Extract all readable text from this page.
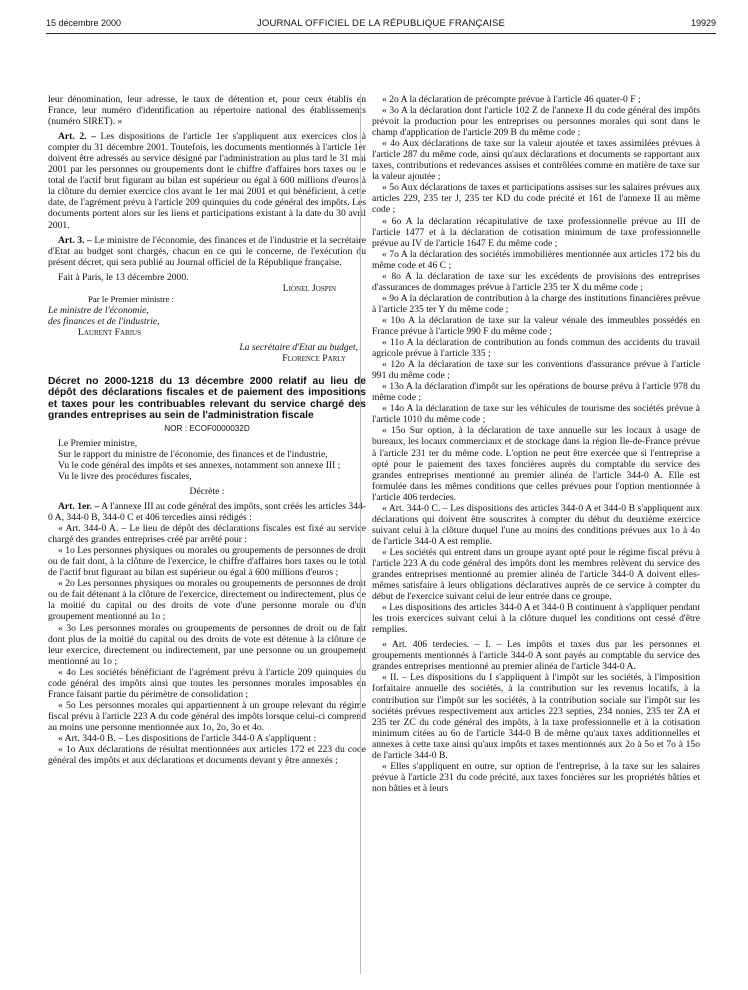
15 décembre 2000	JOURNAL OFFICIEL DE LA RÉPUBLIQUE FRANÇAISE	19929

leur dénomination, leur adresse, le taux de détention et, pour ceux établis en France, leur numéro d'identification au répertoire national des établissements (numéro SIRET). »

Art. 2. – Les dispositions de l'article 1er s'appliquent aux exercices clos à compter du 31 décembre 2001. Toutefois, les documents mentionnés à l'article 1er doivent être adressés au service désigné par l'administration au plus tard le 31 mai 2001 par les personnes ou groupements dont le chiffre d'affaires hors taxes ou le total de l'actif brut figurant au bilan est supérieur ou égal à 600 millions d'euros à la clôture du dernier exercice clos avant le 1er mai 2001 et qui bénéficient, à cette date, de l'agrément prévu à l'article 209 quinquies du code général des impôts. Les documents portent alors sur les liens et participations existant à la date du 30 avril 2001.

Art. 3. – Le ministre de l'économie, des finances et de l'industrie et la secrétaire d'Etat au budget sont chargés, chacun en ce qui le concerne, de l'exécution du présent décret, qui sera publié au Journal officiel de la République française.

Fait à Paris, le 13 décembre 2000.

Lionel Jospin
Par le Premier ministre :
Le ministre de l'économie,
des finances et de l'industrie,
Laurent Fabius
La secrétaire d'Etat au budget,
Florence Parly

Décret no 2000-1218 du 13 décembre 2000 relatif au lieu de dépôt des déclarations fiscales et de paiement des impositions et taxes pour les contribuables relevant du service chargé des grandes entreprises au sein de l'administration fiscale

NOR : ECOF0000032D

Le Premier ministre,

Sur le rapport du ministre de l'économie, des finances et de l'industrie,

Vu le code général des impôts et ses annexes, notamment son annexe III ;

Vu le livre des procédures fiscales,

Décrète :

Art. 1er. – A l'annexe III au code général des impôts, sont créés les articles 344-0 A, 344-0 B, 344-0 C et 406 tercedies ainsi rédigés :

« Art. 344-0 A. – Le lieu de dépôt des déclarations fiscales est fixé au service chargé des grandes entreprises créé par arrêté pour :

« 1o Les personnes physiques ou morales ou groupements de personnes de droit ou de fait dont, à la clôture de l'exercice, le chiffre d'affaires hors taxes ou le total de l'actif brut figurant au bilan est supérieur ou égal à 600 millions d'euros ;

« 2o Les personnes physiques ou morales ou groupements de personnes de droit ou de fait détenant à la clôture de l'exercice, directement ou indirectement, plus de la moitié du capital ou des droits de vote d'une personne morale ou d'un groupement mentionné au 1o ;

« 3o Les personnes morales ou groupements de personnes de droit ou de fait dont plus de la moitié du capital ou des droits de vote est détenue à la clôture de leur exercice, directement ou indirectement, par une personne ou un groupement mentionné au 1o ;

« 4o Les sociétés bénéficiant de l'agrément prévu à l'article 209 quinquies du code général des impôts ainsi que toutes les personnes morales imposables en France faisant partie du périmètre de consolidation ;

« 5o Les personnes morales qui appartiennent à un groupe relevant du régime fiscal prévu à l'article 223 A du code général des impôts lorsque celui-ci comprend au moins une personne mentionnée aux 1o, 2o, 3o et 4o.

« Art. 344-0 B. – Les dispositions de l'article 344-0 A s'appliquent :

« 1o Aux déclarations de résultat mentionnées aux articles 172 et 223 du code général des impôts et aux déclarations et documents devant y être annexés ;

« 2o A la déclaration de précompte prévue à l'article 46 quater-0 F ;

« 3o A la déclaration dont l'article 102 Z de l'annexe II du code général des impôts prévoit la production pour les entreprises ou personnes morales qui sont dans le champ d'application de l'article 209 B du même code ;

« 4o Aux déclarations de taxe sur la valeur ajoutée et taxes assimilées prévues à l'article 287 du même code, ainsi qu'aux déclarations et documents se rapportant aux taxes, contributions et redevances assises et contrôlées comme en matière de taxe sur la valeur ajoutée ;

« 5o Aux déclarations de taxes et participations assises sur les salaires prévues aux articles 229, 235 ter J, 235 ter KD du code précité et 161 de l'annexe II au même code ;

« 6o A la déclaration récapitulative de taxe professionnelle prévue au III de l'article 1477 et à la déclaration de cotisation minimum de taxe professionnelle prévue au IV de l'article 1647 E du même code ;

« 7o A la déclaration des sociétés immobilières mentionnée aux articles 172 bis du même code et 46 C ;

« 8o A la déclaration de taxe sur les excédents de provisions des entreprises d'assurances de dommages prévue à l'article 235 ter X du même code ;

« 9o A la déclaration de contribution à la charge des institutions financières prévue à l'article 235 ter Y du même code ;

« 10o A la déclaration de taxe sur la valeur vénale des immeubles possédés en France prévue à l'article 990 F du même code ;

« 11o A la déclaration de contribution au fonds commun des accidents du travail agricole prévue à l'article 335 ;

« 12o A la déclaration de taxe sur les conventions d'assurance prévue à l'article 991 du même code ;

« 13o A la déclaration d'impôt sur les opérations de bourse prévu à l'article 978 du même code ;

« 14o A la déclaration de taxe sur les véhicules de tourisme des sociétés prévue à l'article 1010 du même code ;

« 15o Sur option, à la déclaration de taxe annuelle sur les locaux à usage de bureaux, les locaux commerciaux et de stockage dans la région Ile-de-France prévue à l'article 231 ter du même code. L'option ne peut être exercée que si l'entreprise a opté pour le paiement des taxes foncières auprès du comptable du service des grandes entreprises mentionné au premier alinéa de l'article 344-0 A. Elle est formulée dans les mêmes conditions que celles prévues pour l'option mentionnée à l'article 406 terdecies.

« Art. 344-0 C. – Les dispositions des articles 344-0 A et 344-0 B s'appliquent aux déclarations qui doivent être souscrites à compter du début du deuxième exercice suivant celui à la clôture duquel l'une au moins des conditions prévues aux 1o à 4o de l'article 344-0 A est remplie.

« Les sociétés qui entrent dans un groupe ayant opté pour le régime fiscal prévu à l'article 223 A du code général des impôts dont les membres relèvent du service des grandes entreprises mentionné au premier alinéa de l'article 344-0 A doivent elles-mêmes satisfaire à leurs obligations déclaratives auprès de ce service à compter du début de l'exercice suivant celui de leur entrée dans ce groupe.

« Les dispositions des articles 344-0 A et 344-0 B continuent à s'appliquer pendant les trois exercices suivant celui à la clôture duquel les conditions ont cessé d'être remplies.

« Art. 406 terdecies. – I. – Les impôts et taxes dus par les personnes et groupements mentionnés à l'article 344-0 A sont payés au comptable du service des grandes entreprises mentionné au premier alinéa de l'article 344-0 A.

« II. – Les dispositions du I s'appliquent à l'impôt sur les sociétés, à l'imposition forfaitaire annuelle des sociétés, à la contribution sur les revenus locatifs, à la contribution sur l'impôt sur les sociétés, à la contribution sociale sur l'impôt sur les sociétés prévues respectivement aux articles 223 septies, 234 nonies, 235 ter ZA et 235 ter ZC du code général des impôts, à la taxe professionnelle et à la cotisation minimum citées au 6o de l'article 344-0 B de même qu'aux taxes additionnelles et annexes à cette taxe ainsi qu'aux impôts et taxes mentionnés aux 2o à 5o et 7o à 15o de l'article 344-0 B.

« Elles s'appliquent en outre, sur option de l'entreprise, à la taxe sur les salaires prévue à l'article 231 du code précité, aux taxes foncières sur les propriétés bâties et non bâties et à leurs
